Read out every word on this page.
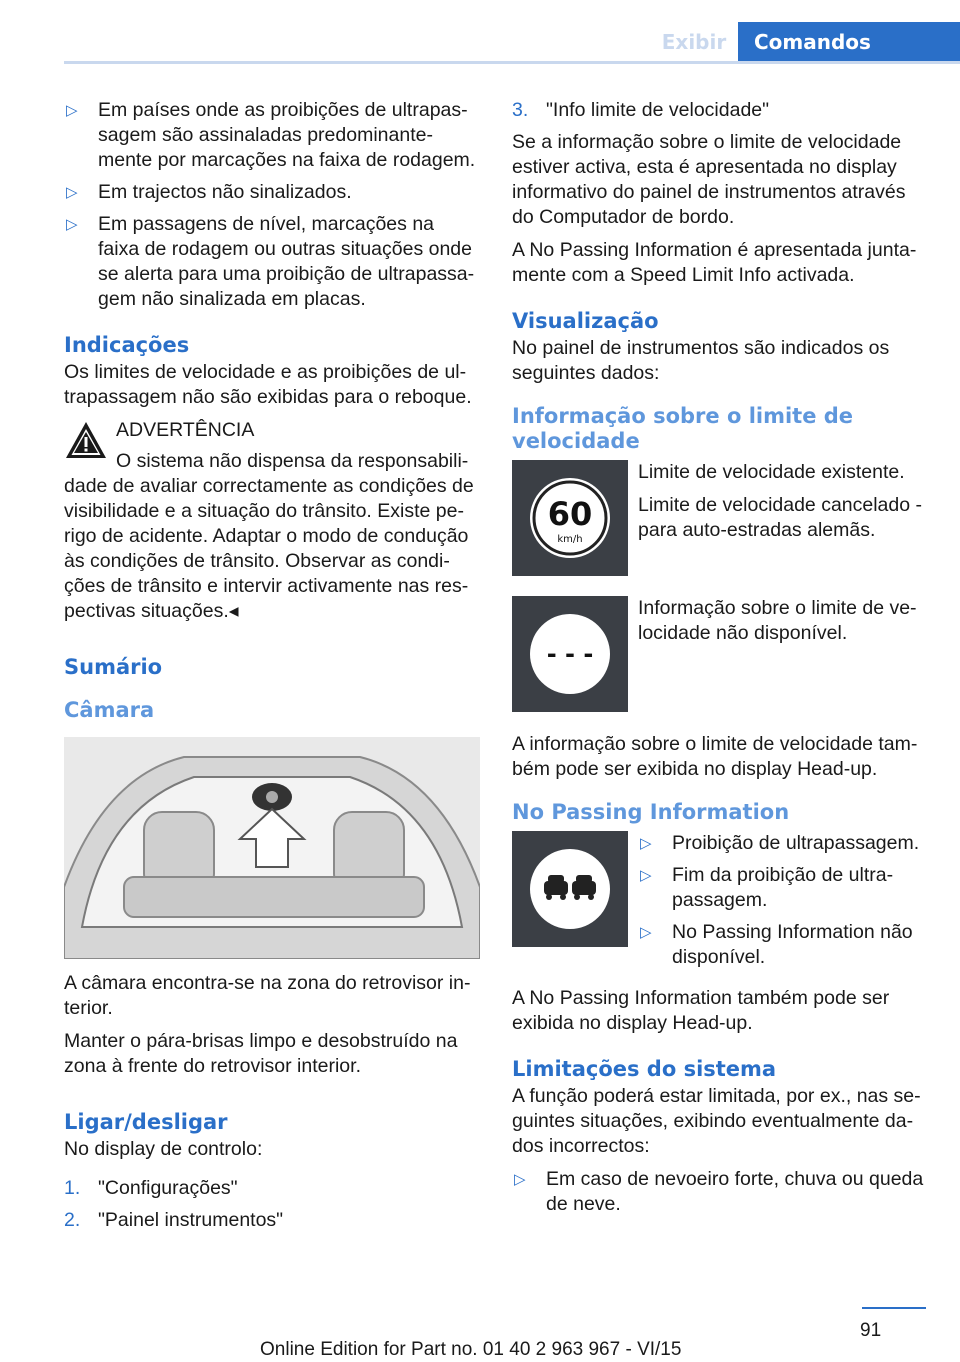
Exibir	Comandos
▷ Em países onde as proibições de ultrapas-sagem são assinaladas predominante-mente por marcações na faixa de rodagem.
▷ Em trajectos não sinalizados.
▷ Em passagens de nível, marcações na faixa de rodagem ou outras situações onde se alerta para uma proibição de ultrapassa-gem não sinalizada em placas.
Indicações

Os limites de velocidade e as proibições de ul-trapassagem não são exibidas para o reboque.

ADVERTÊNCIA

O sistema não dispensa da responsabili-

dade de avaliar correctamente as condições de visibilidade e a situação do trânsito. Existe pe-rigo de acidente. Adaptar o modo de condução às condições de trânsito. Observar as condi-ções de trânsito e intervir activamente nas res-pectivas situações.◂

Sumário
Câmara

A câmara encontra-se na zona do retrovisor in-terior.

Manter o pára-brisas limpo e desobstruído na zona à frente do retrovisor interior.

Ligar/desligar

No display de controlo:

1. "Configurações"
2. "Painel instrumentos"
3. "Info limite de velocidade"

Se a informação sobre o limite de velocidade estiver activa, esta é apresentada no display informativo do painel de instrumentos através do Computador de bordo.

A No Passing Information é apresentada junta-mente com a Speed Limit Info activada.

Visualização

No painel de instrumentos são indicados os seguintes dados:

Informação sobre o limite de velocidade
60
km/h

Limite de velocidade existente.

Limite de velocidade cancelado - para auto-estradas alemãs.

- - -

Informação sobre o limite de ve-locidade não disponível.

A informação sobre o limite de velocidade tam-bém pode ser exibida no display Head-up.

No Passing Information
▷ Proibição de ultrapassagem.
▷ Fim da proibição de ultra-passagem.
▷ No Passing Information não disponível.

A No Passing Information também pode ser exibida no display Head-up.

Limitações do sistema

A função poderá estar limitada, por ex., nas se-guintes situações, exibindo eventualmente da-dos incorrectos:

▷ Em caso de nevoeiro forte, chuva ou queda de neve.
91
Online Edition for Part no. 01 40 2 963 967 - VI/15
